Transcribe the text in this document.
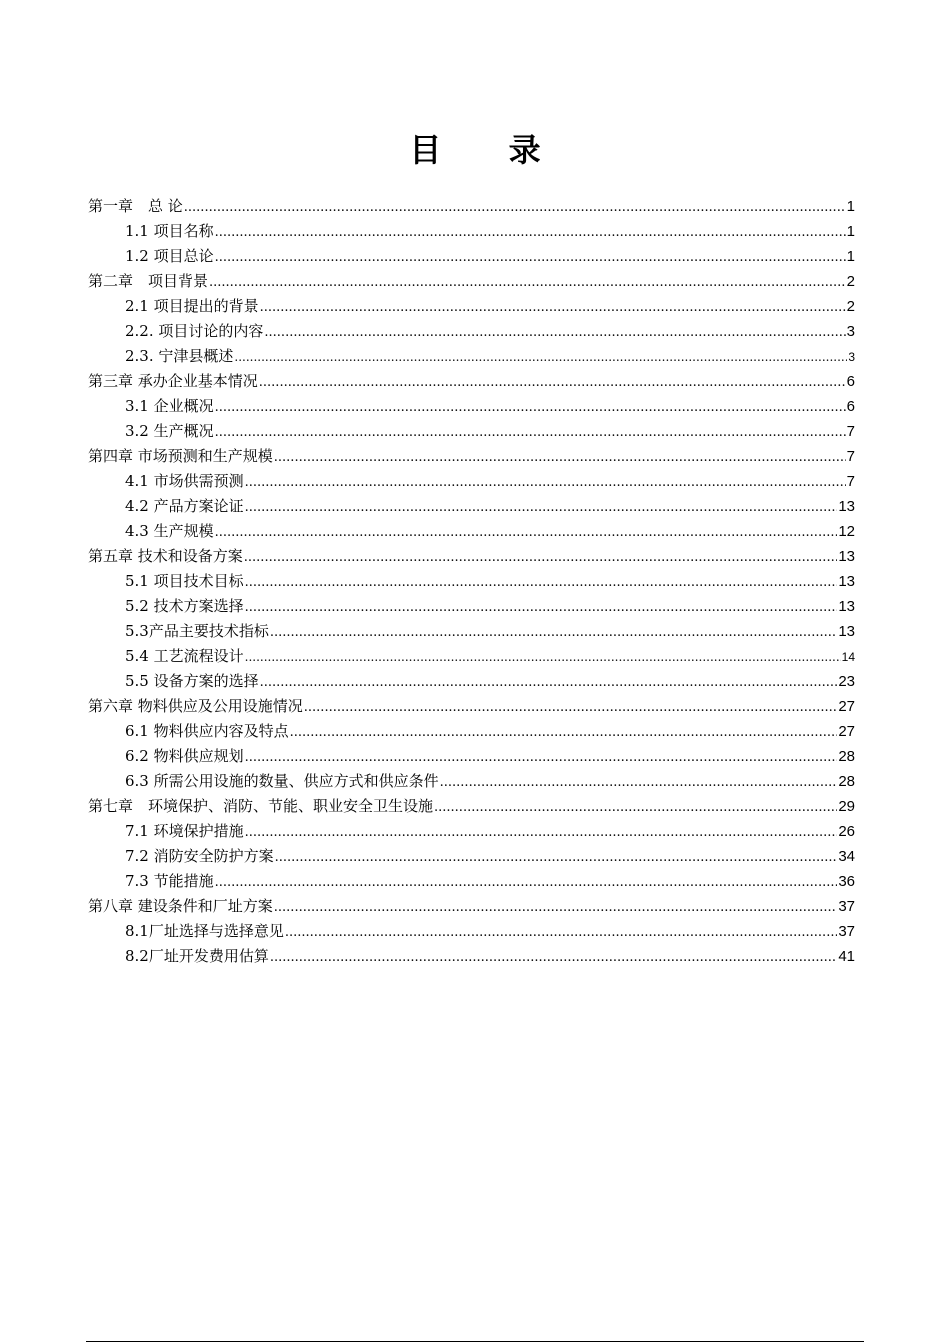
目 录
第一章　总 论 .....	1
1.1 项目名称 .....	1
1.2 项目总论 .....	1
第二章　项目背景 .....	2
2.1 项目提出的背景 .....	2
2.2. 项目讨论的内容 .....	3
2.3. 宁津县概述 .....	3
第三章 承办企业基本情况 .....	6
3.1 企业概况 .....	6
3.2 生产概况 .....	7
第四章 市场预测和生产规模 .....	7
4.1 市场供需预测 .....	7
4.2 产品方案论证 .....	13
4.3 生产规模 .....	12
第五章 技术和设备方案 .....	13
5.1 项目技术目标 .....	13
5.2 技术方案选择 .....	13
5.3产品主要技术指标 .....	13
5.4 工艺流程设计 .....	14
5.5 设备方案的选择 .....	23
第六章 物料供应及公用设施情况 .....	27
6.1 物料供应内容及特点 .....	27
6.2 物料供应规划 .....	28
6.3 所需公用设施的数量、供应方式和供应条件 .....	28
第七章　环境保护、消防、节能、职业安全卫生设施 .....	29
7.1 环境保护措施 .....	26
7.2 消防安全防护方案 .....	34
7.3 节能措施 .....	36
第八章 建设条件和厂址方案 .....	37
8.1厂址选择与选择意见 .....	37
8.2厂址开发费用估算 .....	41
